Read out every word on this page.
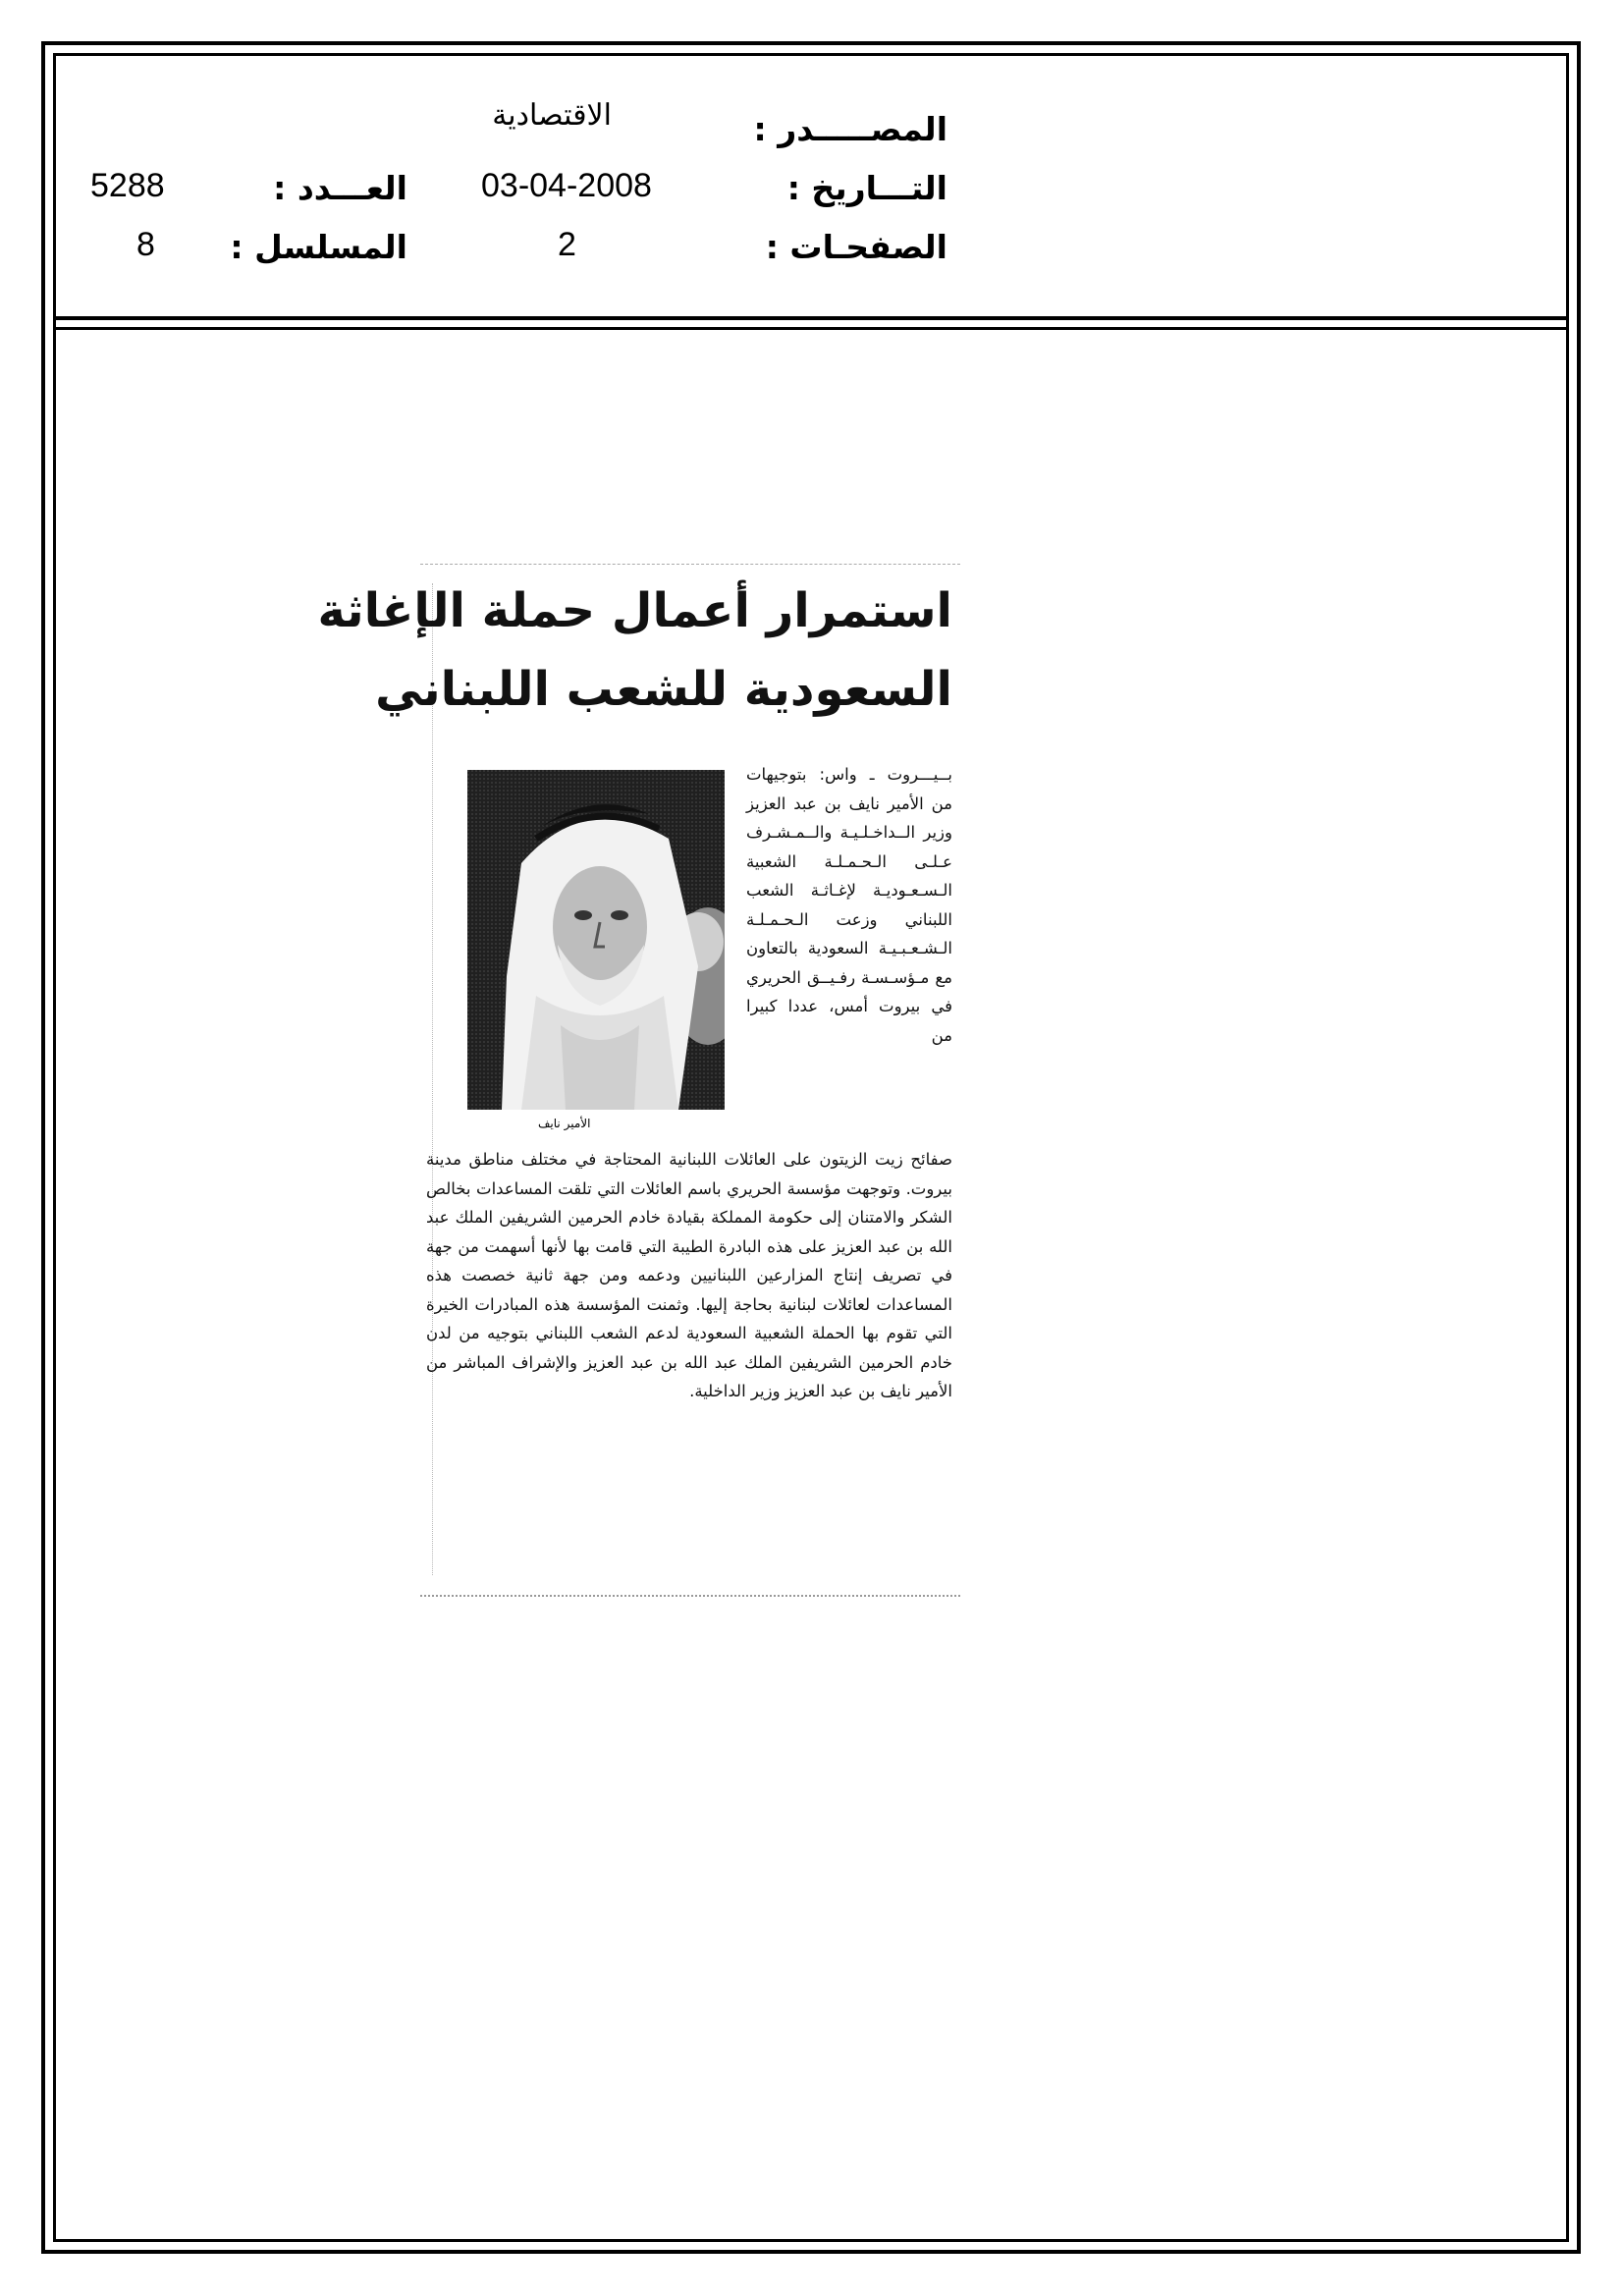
المصـــــدر :
الاقتصادية
التـــاريخ :
03-04-2008
العـــدد :
5288
الصفحـات :
2
المسلسل :
8
استمرار أعمال حملة الإغاثة
السعودية للشعب اللبناني
الأمير نايف
بــيـــروت ـ واس: بتوجيهات من الأمير نايف بن عبد العزيز وزير الــداخـلـيـة والــمـشـرف عـلـى الـحـمـلـة الشعبية الـسـعـوديـة لإغـاثـة الشعب اللبناني وزعت الـحـمـلـة الـشـعـبـيـة السعودية بالتعاون مع مـؤسـسـة رفـيــق الحريري في بيروت أمس، عددا كبيرا من
صفائح زيت الزيتون على العائلات اللبنانية المحتاجة في مختلف مناطق مدينة بيروت. وتوجهت مؤسسة الحريري باسم العائلات التي تلقت المساعدات بخالص الشكر والامتنان إلى حكومة المملكة بقيادة خادم الحرمين الشريفين الملك عبد الله بن عبد العزيز على هذه البادرة الطيبة التي قامت بها لأنها أسهمت من جهة في تصريف إنتاج المزارعين اللبنانيين ودعمه ومن جهة ثانية خصصت هذه المساعدات لعائلات لبنانية بحاجة إليها. وثمنت المؤسسة هذه المبادرات الخيرة التي تقوم بها الحملة الشعبية السعودية لدعم الشعب اللبناني بتوجيه من لدن خادم الحرمين الشريفين الملك عبد الله بن عبد العزيز والإشراف المباشر من الأمير نايف بن عبد العزيز وزير الداخلية.
